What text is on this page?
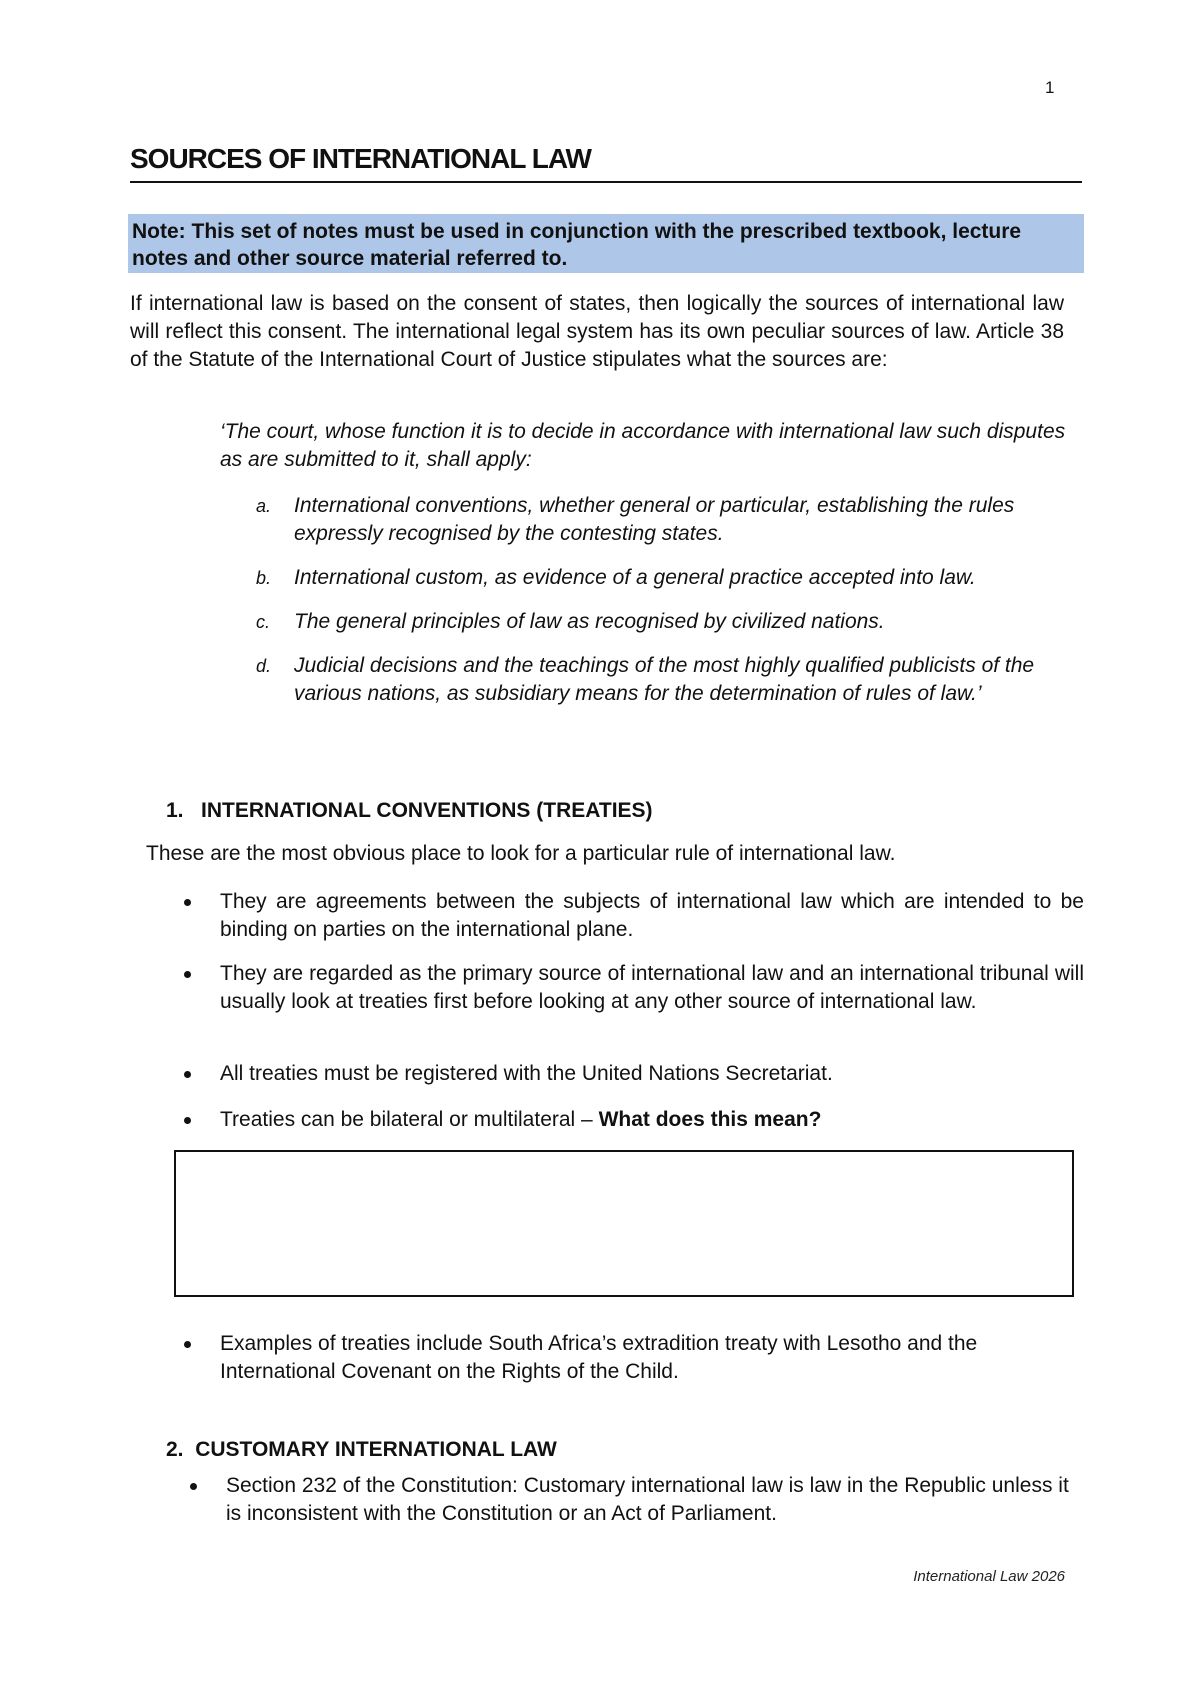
1
SOURCES OF INTERNATIONAL LAW

Note: This set of notes must be used in conjunction with the prescribed textbook, lecture notes and other source material referred to.

If international law is based on the consent of states, then logically the sources of international law will reflect this consent. The international legal system has its own peculiar sources of law. Article 38 of the Statute of the International Court of Justice stipulates what the sources are:

‘The court, whose function it is to decide in accordance with international law such disputes as are submitted to it, shall apply:

a. International conventions, whether general or particular, establishing the rules expressly recognised by the contesting states.
b. International custom, as evidence of a general practice accepted into law.
c. The general principles of law as recognised by civilized nations.
d. Judicial decisions and the teachings of the most highly qualified publicists of the various nations, as subsidiary means for the determination of rules of law.’

1. INTERNATIONAL CONVENTIONS (TREATIES)

These are the most obvious place to look for a particular rule of international law.

They are agreements between the subjects of international law which are intended to be binding on parties on the international plane.
They are regarded as the primary source of international law and an international tribunal will usually look at treaties first before looking at any other source of international law.
All treaties must be registered with the United Nations Secretariat.
Treaties can be bilateral or multilateral – What does this mean?
Examples of treaties include South Africa’s extradition treaty with Lesotho and the International Covenant on the Rights of the Child.

2. CUSTOMARY INTERNATIONAL LAW

Section 232 of the Constitution: Customary international law is law in the Republic unless it is inconsistent with the Constitution or an Act of Parliament.

International Law 2026
